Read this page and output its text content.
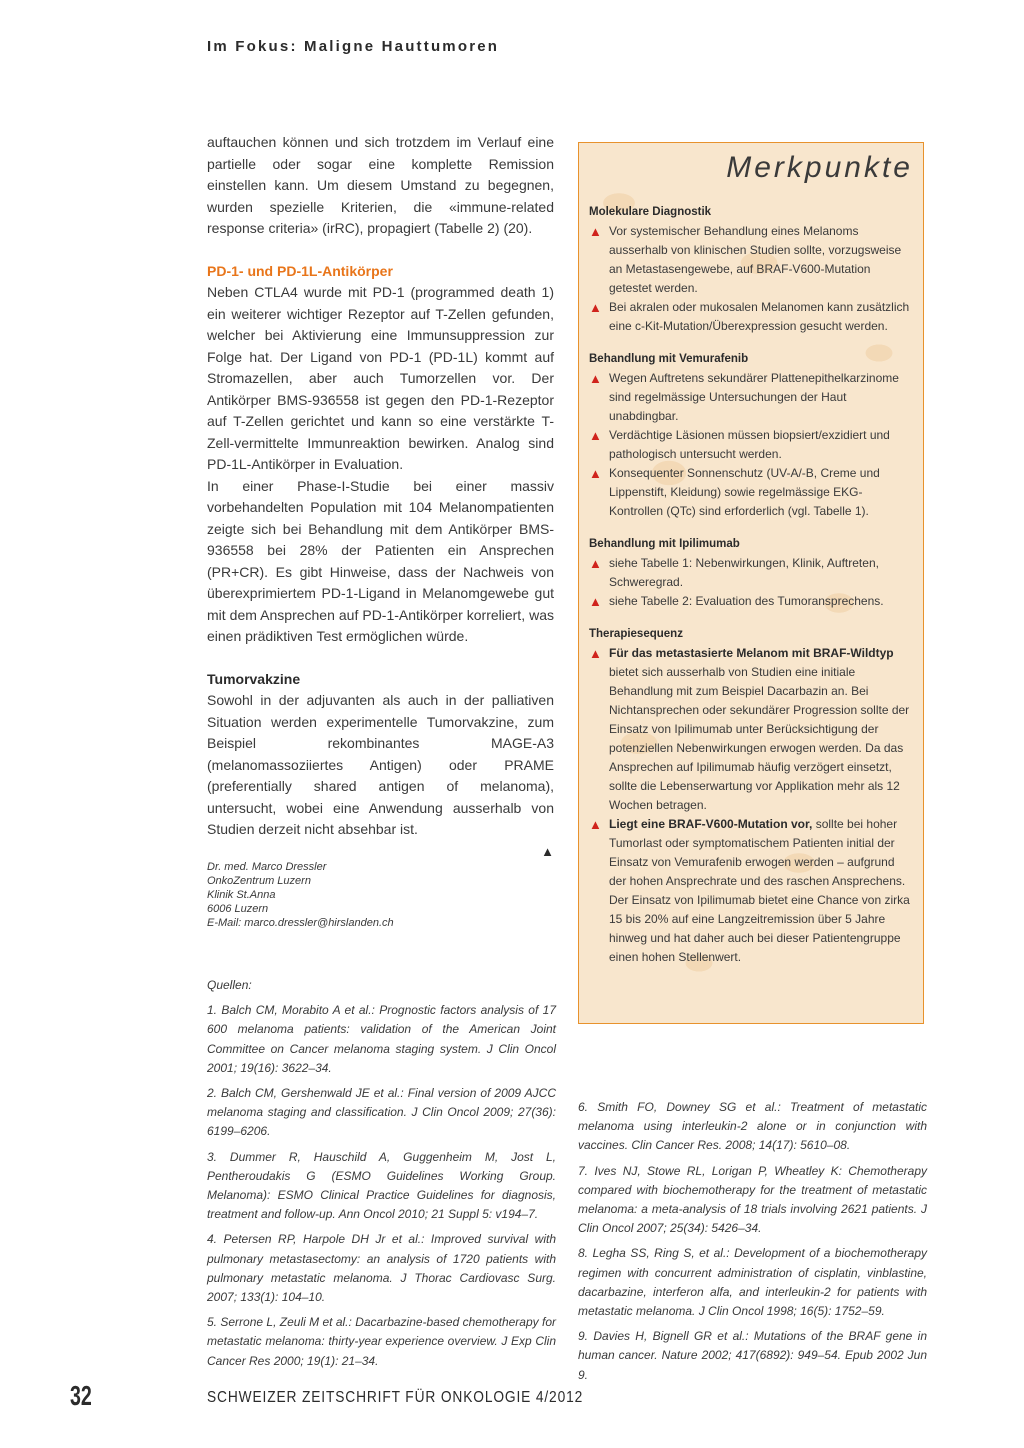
Im Fokus: Maligne Hauttumoren

auftauchen können und sich trotzdem im Verlauf eine partielle oder sogar eine komplette Remission einstellen kann. Um diesem Umstand zu begegnen, wurden spezielle Kriterien, die «immune-related response criteria» (irRC), propagiert (Tabelle 2) (20).

PD-1- und PD-1L-Antikörper

Neben CTLA4 wurde mit PD-1 (programmed death 1) ein weiterer wichtiger Rezeptor auf T-Zellen gefunden, welcher bei Aktivierung eine Immunsuppression zur Folge hat. Der Ligand von PD-1 (PD-1L) kommt auf Stromazellen, aber auch Tumorzellen vor. Der Antikörper BMS-936558 ist gegen den PD-1-Rezeptor auf T-Zellen gerichtet und kann so eine verstärkte T-Zell-vermittelte Immunreaktion bewirken. Analog sind PD-1L-Antikörper in Evaluation.

In einer Phase-I-Studie bei einer massiv vorbehandelten Population mit 104 Melanompatienten zeigte sich bei Behandlung mit dem Antikörper BMS-936558 bei 28% der Patienten ein Ansprechen (PR+CR). Es gibt Hinweise, dass der Nachweis von überexprimiertem PD-1-Ligand in Melanomgewebe gut mit dem Ansprechen auf PD-1-Antikörper korreliert, was einen prädiktiven Test ermöglichen würde.

Tumorvakzine

Sowohl in der adjuvanten als auch in der palliativen Situation werden experimentelle Tumorvakzine, zum Beispiel rekombinantes MAGE-A3 (melanomassoziiertes Antigen) oder PRAME (preferentially shared antigen of melanoma), untersucht, wobei eine Anwendung ausserhalb von Studien derzeit nicht absehbar ist.

▲
Dr. med. Marco Dressler
OnkoZentrum Luzern
Klinik St.Anna
6006 Luzern
E-Mail: marco.dressler@hirslanden.ch

Quellen:

1. Balch CM, Morabito A et al.: Prognostic factors analysis of 17 600 melanoma patients: validation of the American Joint Committee on Cancer melanoma staging system. J Clin Oncol 2001; 19(16): 3622–34.

2. Balch CM, Gershenwald JE et al.: Final version of 2009 AJCC melanoma staging and classification. J Clin Oncol 2009; 27(36): 6199–6206.

3. Dummer R, Hauschild A, Guggenheim M, Jost L, Pentheroudakis G (ESMO Guidelines Working Group. Melanoma): ESMO Clinical Practice Guidelines for diagnosis, treatment and follow-up. Ann Oncol 2010; 21 Suppl 5: v194–7.

4. Petersen RP, Harpole DH Jr et al.: Improved survival with pulmonary metastasectomy: an analysis of 1720 patients with pulmonary metastatic melanoma. J Thorac Cardiovasc Surg. 2007; 133(1): 104–10.

5. Serrone L, Zeuli M et al.: Dacarbazine-based chemotherapy for metastatic melanoma: thirty-year experience overview. J Exp Clin Cancer Res 2000; 19(1): 21–34.

6. Smith FO, Downey SG et al.: Treatment of metastatic melanoma using interleukin-2 alone or in conjunction with vaccines. Clin Cancer Res. 2008; 14(17): 5610–08.

7. Ives NJ, Stowe RL, Lorigan P, Wheatley K: Chemotherapy compared with biochemotherapy for the treatment of metastatic melanoma: a meta-analysis of 18 trials involving 2621 patients. J Clin Oncol 2007; 25(34): 5426–34.

8. Legha SS, Ring S, et al.: Development of a biochemotherapy regimen with concurrent administration of cisplatin, vinblastine, dacarbazine, interferon alfa, and interleukin-2 for patients with metastatic melanoma. J Clin Oncol 1998; 16(5): 1752–59.

9. Davies H, Bignell GR et al.: Mutations of the BRAF gene in human cancer. Nature 2002; 417(6892): 949–54. Epub 2002 Jun 9.

Merkpunkte
Molekulare Diagnostik
▲ Vor systemischer Behandlung eines Melanoms ausserhalb von klinischen Studien sollte, vorzugsweise an Metastasengewebe, auf BRAF-V600-Mutation getestet werden.
▲ Bei akralen oder mukosalen Melanomen kann zusätzlich eine c-Kit-Mutation/Überexpression gesucht werden.
Behandlung mit Vemurafenib
▲ Wegen Auftretens sekundärer Plattenepithelkarzinome sind regelmässige Untersuchungen der Haut unabdingbar.
▲ Verdächtige Läsionen müssen biopsiert/exzidiert und pathologisch untersucht werden.
▲ Konsequenter Sonnenschutz (UV-A/-B, Creme und Lippenstift, Kleidung) sowie regelmässige EKG-Kontrollen (QTc) sind erforderlich (vgl. Tabelle 1).
Behandlung mit Ipilimumab
▲ siehe Tabelle 1: Nebenwirkungen, Klinik, Auftreten, Schweregrad.
▲ siehe Tabelle 2: Evaluation des Tumoransprechens.
Therapiesequenz
▲ Für das metastasierte Melanom mit BRAF-Wildtyp bietet sich ausserhalb von Studien eine initiale Behandlung mit zum Beispiel Dacarbazin an. Bei Nichtansprechen oder sekundärer Progression sollte der Einsatz von Ipilimumab unter Berücksichtigung der potenziellen Nebenwirkungen erwogen werden. Da das Ansprechen auf Ipilimumab häufig verzögert einsetzt, sollte die Lebenserwartung vor Applikation mehr als 12 Wochen betragen.
▲ Liegt eine BRAF-V600-Mutation vor, sollte bei hoher Tumorlast oder symptomatischem Patienten initial der Einsatz von Vemurafenib erwogen werden – aufgrund der hohen Ansprechrate und des raschen Ansprechens. Der Einsatz von Ipilimumab bietet eine Chance von zirka 15 bis 20% auf eine Langzeitremission über 5 Jahre hinweg und hat daher auch bei dieser Patientengruppe einen hohen Stellenwert.
32	SCHWEIZER ZEITSCHRIFT FÜR ONKOLOGIE 4/2012
